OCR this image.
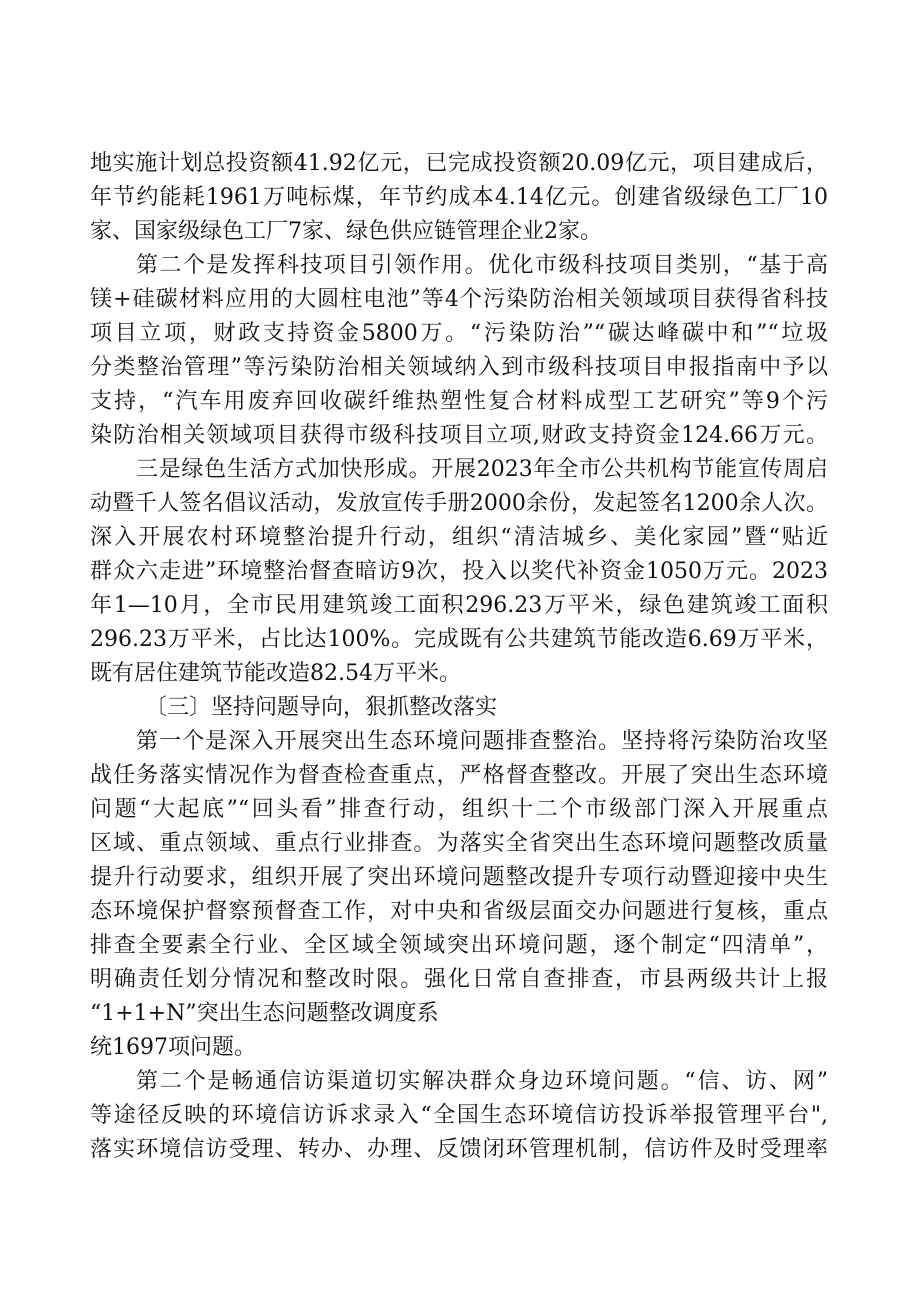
地实施计划总投资额41.92亿元，已完成投资额20.09亿元，项目建成后，
年节约能耗1961万吨标煤，年节约成本4.14亿元。创建省级绿色工厂10
家、国家级绿色工厂7家、绿色供应链管理企业2家。
第二个是发挥科技项目引领作用。优化市级科技项目类别，“基于高
镁+硅碳材料应用的大圆柱电池”等4个污染防治相关领域项目获得省科技
项目立项，财政支持资金5800万。“污染防治”“碳达峰碳中和”“垃圾
分类整治管理”等污染防治相关领域纳入到市级科技项目申报指南中予以
支持，“汽车用废弃回收碳纤维热塑性复合材料成型工艺研究”等9个污
染防治相关领域项目获得市级科技项目立项,财政支持资金124.66万元。
三是绿色生活方式加快形成。开展2023年全市公共机构节能宣传周启
动暨千人签名倡议活动，发放宣传手册2000余份，发起签名1200余人次。
深入开展农村环境整治提升行动，组织“清洁城乡、美化家园”暨“贴近
群众六走进”环境整治督查暗访9次，投入以奖代补资金1050万元。2023
年1—10月，全市民用建筑竣工面积296.23万平米，绿色建筑竣工面积
296.23万平米，占比达100%。完成既有公共建筑节能改造6.69万平米，
既有居住建筑节能改造82.54万平米。
〔三〕坚持问题导向，狠抓整改落实
第一个是深入开展突出生态环境问题排查整治。坚持将污染防治攻坚
战任务落实情况作为督查检查重点，严格督查整改。开展了突出生态环境
问题“大起底”“回头看”排查行动，组织十二个市级部门深入开展重点
区域、重点领域、重点行业排查。为落实全省突出生态环境问题整改质量
提升行动要求，组织开展了突出环境问题整改提升专项行动暨迎接中央生
态环境保护督察预督查工作，对中央和省级层面交办问题进行复核，重点
排查全要素全行业、全区域全领域突出环境问题，逐个制定“四清单”，
明确责任划分情况和整改时限。强化日常自查排查，市县两级共计上报
“1+1+N”突出生态问题整改调度系
统1697项问题。
第二个是畅通信访渠道切实解决群众身边环境问题。“信、访、网”
等途径反映的环境信访诉求录入“全国生态环境信访投诉举报管理平台",
落实环境信访受理、转办、办理、反馈闭环管理机制，信访件及时受理率
